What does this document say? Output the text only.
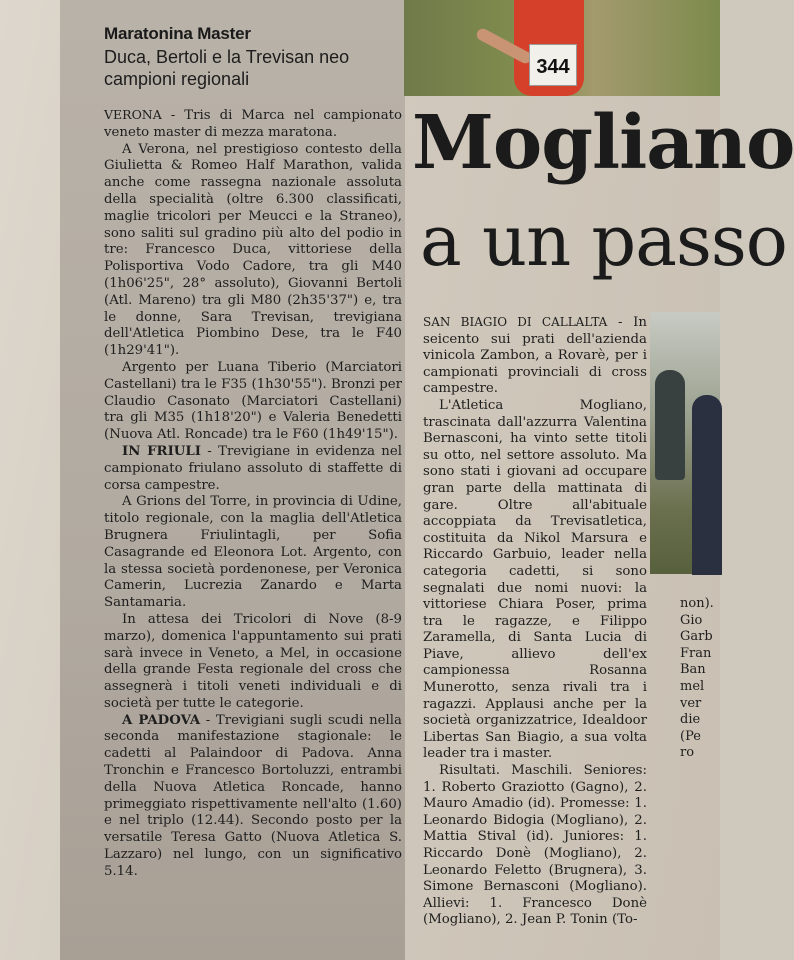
Maratonina Master
Duca, Bertoli e la Trevisan neo campioni regionali

VERONA - Tris di Marca nel campionato veneto master di mezza maratona.

A Verona, nel prestigioso contesto della Giulietta & Romeo Half Marathon, valida anche come rassegna nazionale assoluta della specialità (oltre 6.300 classificati, maglie tricolori per Meucci e la Straneo), sono saliti sul gradino più alto del podio in tre: Francesco Duca, vittoriese della Polisportiva Vodo Cadore, tra gli M40 (1h06'25", 28° assoluto), Giovanni Bertoli (Atl. Mareno) tra gli M80 (2h35'37") e, tra le donne, Sara Trevisan, trevigiana dell'Atletica Piombino Dese, tra le F40 (1h29'41").

Argento per Luana Tiberio (Marciatori Castellani) tra le F35 (1h30'55"). Bronzi per Claudio Casonato (Marciatori Castellani) tra gli M35 (1h18'20") e Valeria Benedetti (Nuova Atl. Roncade) tra le F60 (1h49'15").

IN FRIULI - Trevigiane in evidenza nel campionato friulano assoluto di staffette di corsa campestre.

A Grions del Torre, in provincia di Udine, titolo regionale, con la maglia dell'Atletica Brugnera Friulintagli, per Sofia Casagrande ed Eleonora Lot. Argento, con la stessa società pordenonese, per Veronica Camerin, Lucrezia Zanardo e Marta Santamaria.

In attesa dei Tricolori di Nove (8-9 marzo), domenica l'appuntamento sui prati sarà invece in Veneto, a Mel, in occasione della grande Festa regionale del cross che assegnerà i titoli veneti individuali e di società per tutte le categorie.

A PADOVA - Trevigiani sugli scudi nella seconda manifestazione stagionale: le cadetti al Palaindoor di Padova. Anna Tronchin e Francesco Bortoluzzi, entrambi della Nuova Atletica Roncade, hanno primeggiato rispettivamente nell'alto (1.60) e nel triplo (12.44). Secondo posto per la versatile Teresa Gatto (Nuova Atletica S. Lazzaro) nel lungo, con un significativo 5.14.

344
Mogliano
a un passo

SAN BIAGIO DI CALLALTA - In seicento sui prati dell'azienda vinicola Zambon, a Rovarè, per i campionati provinciali di cross campestre.

L'Atletica Mogliano, trascinata dall'azzurra Valentina Bernasconi, ha vinto sette titoli su otto, nel settore assoluto. Ma sono stati i giovani ad occupare gran parte della mattinata di gare. Oltre all'abituale accoppiata da Trevisatletica, costituita da Nikol Marsura e Riccardo Garbuio, leader nella categoria cadetti, si sono segnalati due nomi nuovi: la vittoriese Chiara Poser, prima tra le ragazze, e Filippo Zaramella, di Santa Lucia di Piave, allievo dell'ex campionessa Rosanna Munerotto, senza rivali tra i ragazzi. Applausi anche per la società organizzatrice, Idealdoor Libertas San Biagio, a sua volta leader tra i master.

Risultati. Maschili. Seniores: 1. Roberto Graziotto (Gagno), 2. Mauro Amadio (id). Promesse: 1. Leonardo Bidogia (Mogliano), 2. Mattia Stival (id). Juniores: 1. Riccardo Donè (Mogliano), 2. Leonardo Feletto (Brugnera), 3. Simone Bernasconi (Mogliano). Allievi: 1. Francesco Donè (Mogliano), 2. Jean P. Tonin (To-

non).
Gio
Garb
Fran
Ban
mel
ver
die
(Pe
ro
